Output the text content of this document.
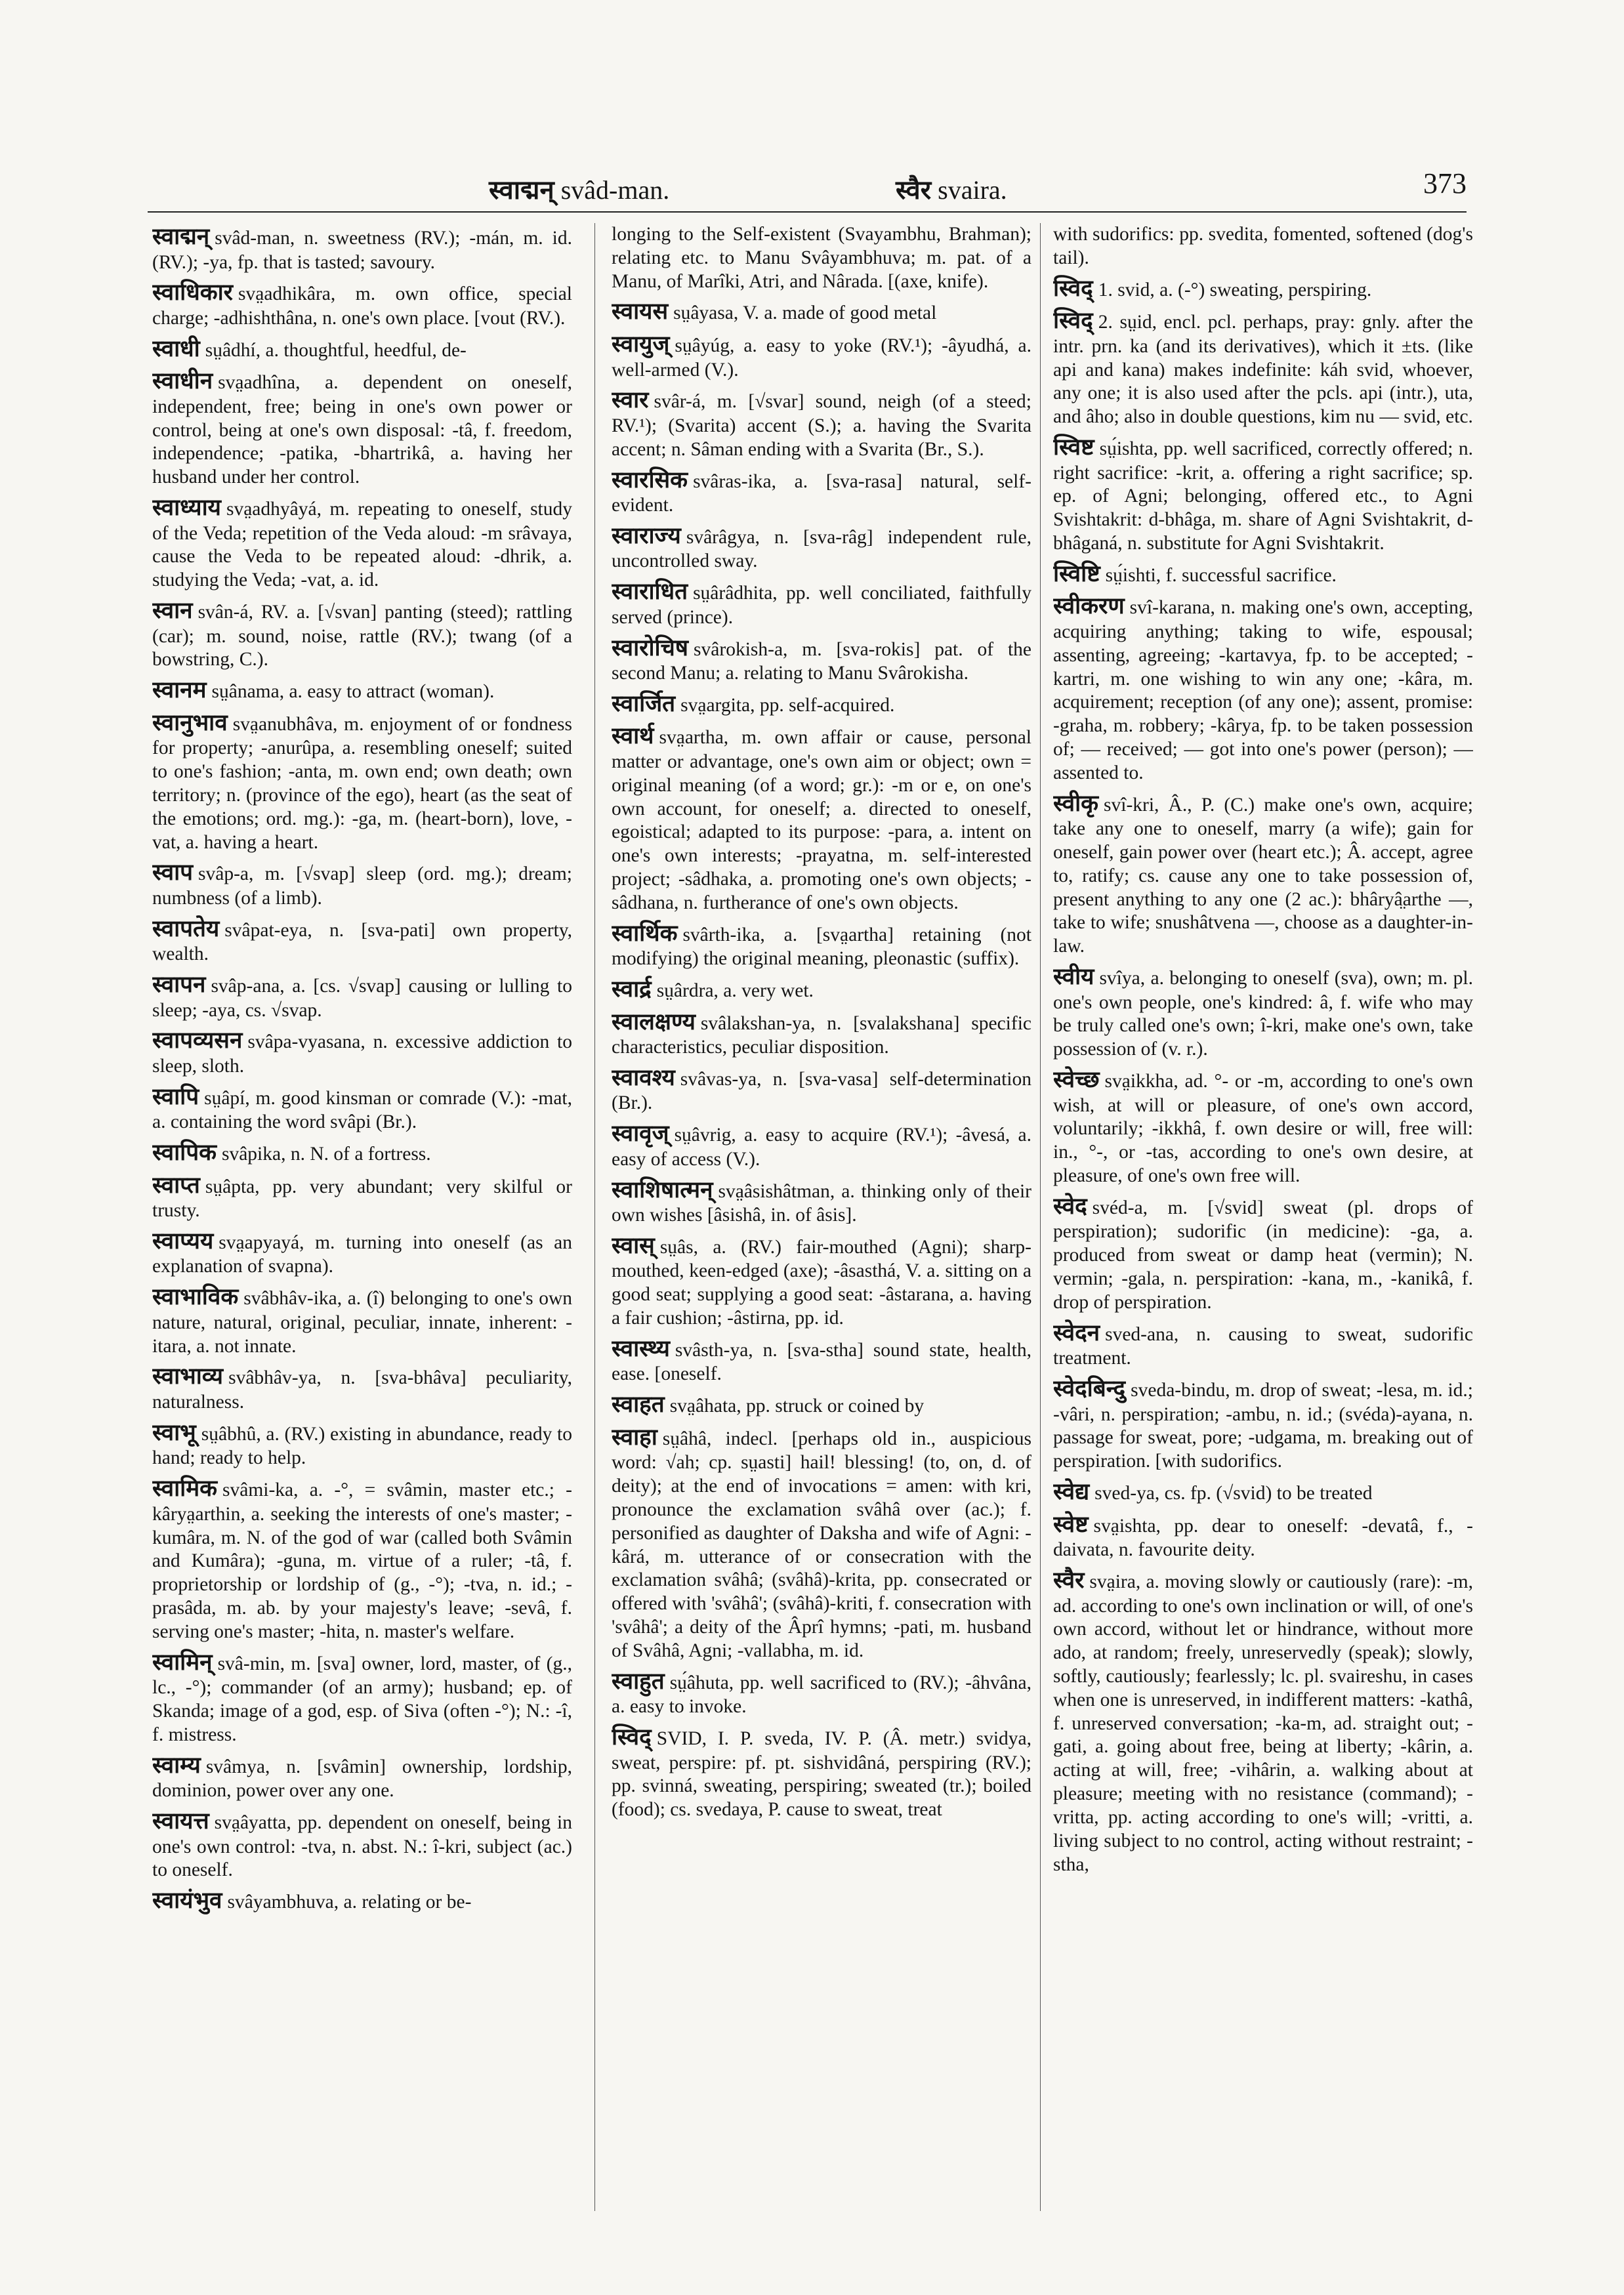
स्वाद्मन् svâd-man.	स्वैर svaira.	373

स्वाद्मन् svâd-man, n. sweetness (RV.); -mán, m. id. (RV.); -ya, fp. that is tasted; savoury.

स्वाधिकार sva̤adhikâra, m. own office, special charge; -adhishthâna, n. one's own place. [vout (RV.).

स्वाधी sṳâdhí, a. thoughtful, heedful, de-

स्वाधीन sva̤adhîna, a. dependent on oneself, independent, free; being in one's own power or control, being at one's own disposal: -tâ, f. freedom, independence; -patika, -bhartrikâ, a. having her husband under her control.

स्वाध्याय sva̤adhyâyá, m. repeating to oneself, study of the Veda; repetition of the Veda aloud: -m srâvaya, cause the Veda to be repeated aloud: -dhrik, a. studying the Veda; -vat, a. id.

स्वान svân-á, RV. a. [√svan] panting (steed); rattling (car); m. sound, noise, rattle (RV.); twang (of a bowstring, C.).

स्वानम sṳânama, a. easy to attract (woman).

स्वानुभाव sva̤anubhâva, m. enjoyment of or fondness for property; -anurûpa, a. resembling oneself; suited to one's fashion; -anta, m. own end; own death; own territory; n. (province of the ego), heart (as the seat of the emotions; ord. mg.): -ga, m. (heart-born), love, -vat, a. having a heart.

स्वाप svâp-a, m. [√svap] sleep (ord. mg.); dream; numbness (of a limb).

स्वापतेय svâpat-eya, n. [sva-pati] own property, wealth.

स्वापन svâp-ana, a. [cs. √svap] causing or lulling to sleep; -aya, cs. √svap.

स्वापव्यसन svâpa-vyasana, n. excessive addiction to sleep, sloth.

स्वापि sṳâpí, m. good kinsman or comrade (V.): -mat, a. containing the word svâpi (Br.).

स्वापिक svâpika, n. N. of a fortress.

स्वाप्त sṳâpta, pp. very abundant; very skilful or trusty.

स्वाप्यय sva̤apyayá, m. turning into oneself (as an explanation of svapna).

स्वाभाविक svâbhâv-ika, a. (î) belonging to one's own nature, natural, original, peculiar, innate, inherent: -itara, a. not innate.

स्वाभाव्य svâbhâv-ya, n. [sva-bhâva] peculiarity, naturalness.

स्वाभू sṳâbhû, a. (RV.) existing in abundance, ready to hand; ready to help.

स्वामिक svâmi-ka, a. -°, = svâmin, master etc.; -kârya̤arthin, a. seeking the interests of one's master; -kumâra, m. N. of the god of war (called both Svâmin and Kumâra); -guna, m. virtue of a ruler; -tâ, f. proprietorship or lordship of (g., -°); -tva, n. id.; -prasâda, m. ab. by your majesty's leave; -sevâ, f. serving one's master; -hita, n. master's welfare.

स्वामिन् svâ-min, m. [sva] owner, lord, master, of (g., lc., -°); commander (of an army); husband; ep. of Skanda; image of a god, esp. of Siva (often -°); N.: -î, f. mistress.

स्वाम्य svâmya, n. [svâmin] ownership, lordship, dominion, power over any one.

स्वायत्त sva̤âyatta, pp. dependent on oneself, being in one's own control: -tva, n. abst. N.: î-kri, subject (ac.) to oneself.

स्वायंभुव svâyambhuva, a. relating or be-

longing to the Self-existent (Svayambhu, Brahman); relating etc. to Manu Svâyambhuva; m. pat. of a Manu, of Marîki, Atri, and Nârada. [(axe, knife).

स्वायस sṳâyasa, V. a. made of good metal

स्वायुज् sṳâyúg, a. easy to yoke (RV.¹); -âyudhá, a. well-armed (V.).

स्वार svâr-á, m. [√svar] sound, neigh (of a steed; RV.¹); (Svarita) accent (S.); a. having the Svarita accent; n. Sâman ending with a Svarita (Br., S.).

स्वारसिक svâras-ika, a. [sva-rasa] natural, self-evident.

स्वाराज्य svârâgya, n. [sva-râg] independent rule, uncontrolled sway.

स्वाराधित sṳârâdhita, pp. well conciliated, faithfully served (prince).

स्वारोचिष svârokish-a, m. [sva-rokis] pat. of the second Manu; a. relating to Manu Svârokisha.

स्वार्जित sva̤argita, pp. self-acquired.

स्वार्थ sva̤artha, m. own affair or cause, personal matter or advantage, one's own aim or object; own = original meaning (of a word; gr.): -m or e, on one's own account, for oneself; a. directed to oneself, egoistical; adapted to its purpose: -para, a. intent on one's own interests; -prayatna, m. self-interested project; -sâdhaka, a. promoting one's own objects; -sâdhana, n. furtherance of one's own objects.

स्वार्थिक svârth-ika, a. [sva̤artha] retaining (not modifying) the original meaning, pleonastic (suffix).

स्वार्द्र sṳârdra, a. very wet.

स्वालक्षण्य svâlakshan-ya, n. [svalakshana] specific characteristics, peculiar disposition.

स्वावश्य svâvas-ya, n. [sva-vasa] self-determination (Br.).

स्वावृज् sṳâvrig, a. easy to acquire (RV.¹); -âvesá, a. easy of access (V.).

स्वाशिषात्मन् sva̤âsishâtman, a. thinking only of their own wishes [âsishâ, in. of âsis].

स्वास् sṳâs, a. (RV.) fair-mouthed (Agni); sharp-mouthed, keen-edged (axe); -âsasthá, V. a. sitting on a good seat; supplying a good seat: -âstarana, a. having a fair cushion; -âstirna, pp. id.

स्वास्थ्य svâsth-ya, n. [sva-stha] sound state, health, ease. [oneself.

स्वाहत sva̤âhata, pp. struck or coined by

स्वाहा sṳâhâ, indecl. [perhaps old in., auspicious word: √ah; cp. sṳasti] hail! blessing! (to, on, d. of deity); at the end of invocations = amen: with kri, pronounce the exclamation svâhâ over (ac.); f. personified as daughter of Daksha and wife of Agni: -kârá, m. utterance of or consecration with the exclamation svâhâ; (svâhâ)-krita, pp. consecrated or offered with 'svâhâ'; (svâhâ)-kriti, f. consecration with 'svâhâ'; a deity of the Âprî hymns; -pati, m. husband of Svâhâ, Agni; -vallabha, m. id.

स्वाहुत sṳ́âhuta, pp. well sacrificed to (RV.); -âhvâna, a. easy to invoke.

स्विद् SVID, I. P. sveda, IV. P. (Â. metr.) svidya, sweat, perspire: pf. pt. sishvidâná, perspiring (RV.); pp. svinná, sweating, perspiring; sweated (tr.); boiled (food); cs. svedaya, P. cause to sweat, treat

with sudorifics: pp. svedita, fomented, softened (dog's tail).

स्विद् 1. svid, a. (-°) sweating, perspiring.

स्विद् 2. sṳid, encl. pcl. perhaps, pray: gnly. after the intr. prn. ka (and its derivatives), which it ±ts. (like api and kana) makes indefinite: káh svid, whoever, any one; it is also used after the pcls. api (intr.), uta, and âho; also in double questions, kim nu — svid, etc.

स्विष्ट sṳ́ishta, pp. well sacrificed, correctly offered; n. right sacrifice: -krit, a. offering a right sacrifice; sp. ep. of Agni; belonging, offered etc., to Agni Svishtakrit: d-bhâga, m. share of Agni Svishtakrit, d-bhâganá, n. substitute for Agni Svishtakrit.

स्विष्टि sṳ́ishti, f. successful sacrifice.

स्वीकरण svî-karana, n. making one's own, accepting, acquiring anything; taking to wife, espousal; assenting, agreeing; -kartavya, fp. to be accepted; -kartri, m. one wishing to win any one; -kâra, m. acquirement; reception (of any one); assent, promise: -graha, m. robbery; -kârya, fp. to be taken possession of; — received; — got into one's power (person); — assented to.

स्वीकृ svî-kri, Â., P. (C.) make one's own, acquire; take any one to oneself, marry (a wife); gain for oneself, gain power over (heart etc.); Â. accept, agree to, ratify; cs. cause any one to take possession of, present anything to any one (2 ac.): bhâryâ̤arthe —, take to wife; snushâtvena —, choose as a daughter-in-law.

स्वीय svîya, a. belonging to oneself (sva), own; m. pl. one's own people, one's kindred: â, f. wife who may be truly called one's own; î-kri, make one's own, take possession of (v. r.).

स्वेच्छ sva̤ikkha, ad. °- or -m, according to one's own wish, at will or pleasure, of one's own accord, voluntarily; -ikkhâ, f. own desire or will, free will: in., °-, or -tas, according to one's own desire, at pleasure, of one's own free will.

स्वेद svéd-a, m. [√svid] sweat (pl. drops of perspiration); sudorific (in medicine): -ga, a. produced from sweat or damp heat (vermin); N. vermin; -gala, n. perspiration: -kana, m., -kanikâ, f. drop of perspiration.

स्वेदन sved-ana, n. causing to sweat, sudorific treatment.

स्वेदबिन्दु sveda-bindu, m. drop of sweat; -lesa, m. id.; -vâri, n. perspiration; -ambu, n. id.; (svéda)-ayana, n. passage for sweat, pore; -udgama, m. breaking out of perspiration. [with sudorifics.

स्वेद्य sved-ya, cs. fp. (√svid) to be treated

स्वेष्ट sva̤ishta, pp. dear to oneself: -devatâ, f., -daivata, n. favourite deity.

स्वैर sva̤ira, a. moving slowly or cautiously (rare): -m, ad. according to one's own inclination or will, of one's own accord, without let or hindrance, without more ado, at random; freely, unreservedly (speak); slowly, softly, cautiously; fearlessly; lc. pl. svaireshu, in cases when one is unreserved, in indifferent matters: -kathâ, f. unreserved conversation; -ka-m, ad. straight out; -gati, a. going about free, being at liberty; -kârin, a. acting at will, free; -vihârin, a. walking about at pleasure; meeting with no resistance (command); -vritta, pp. acting according to one's will; -vritti, a. living subject to no control, acting without restraint; -stha,
